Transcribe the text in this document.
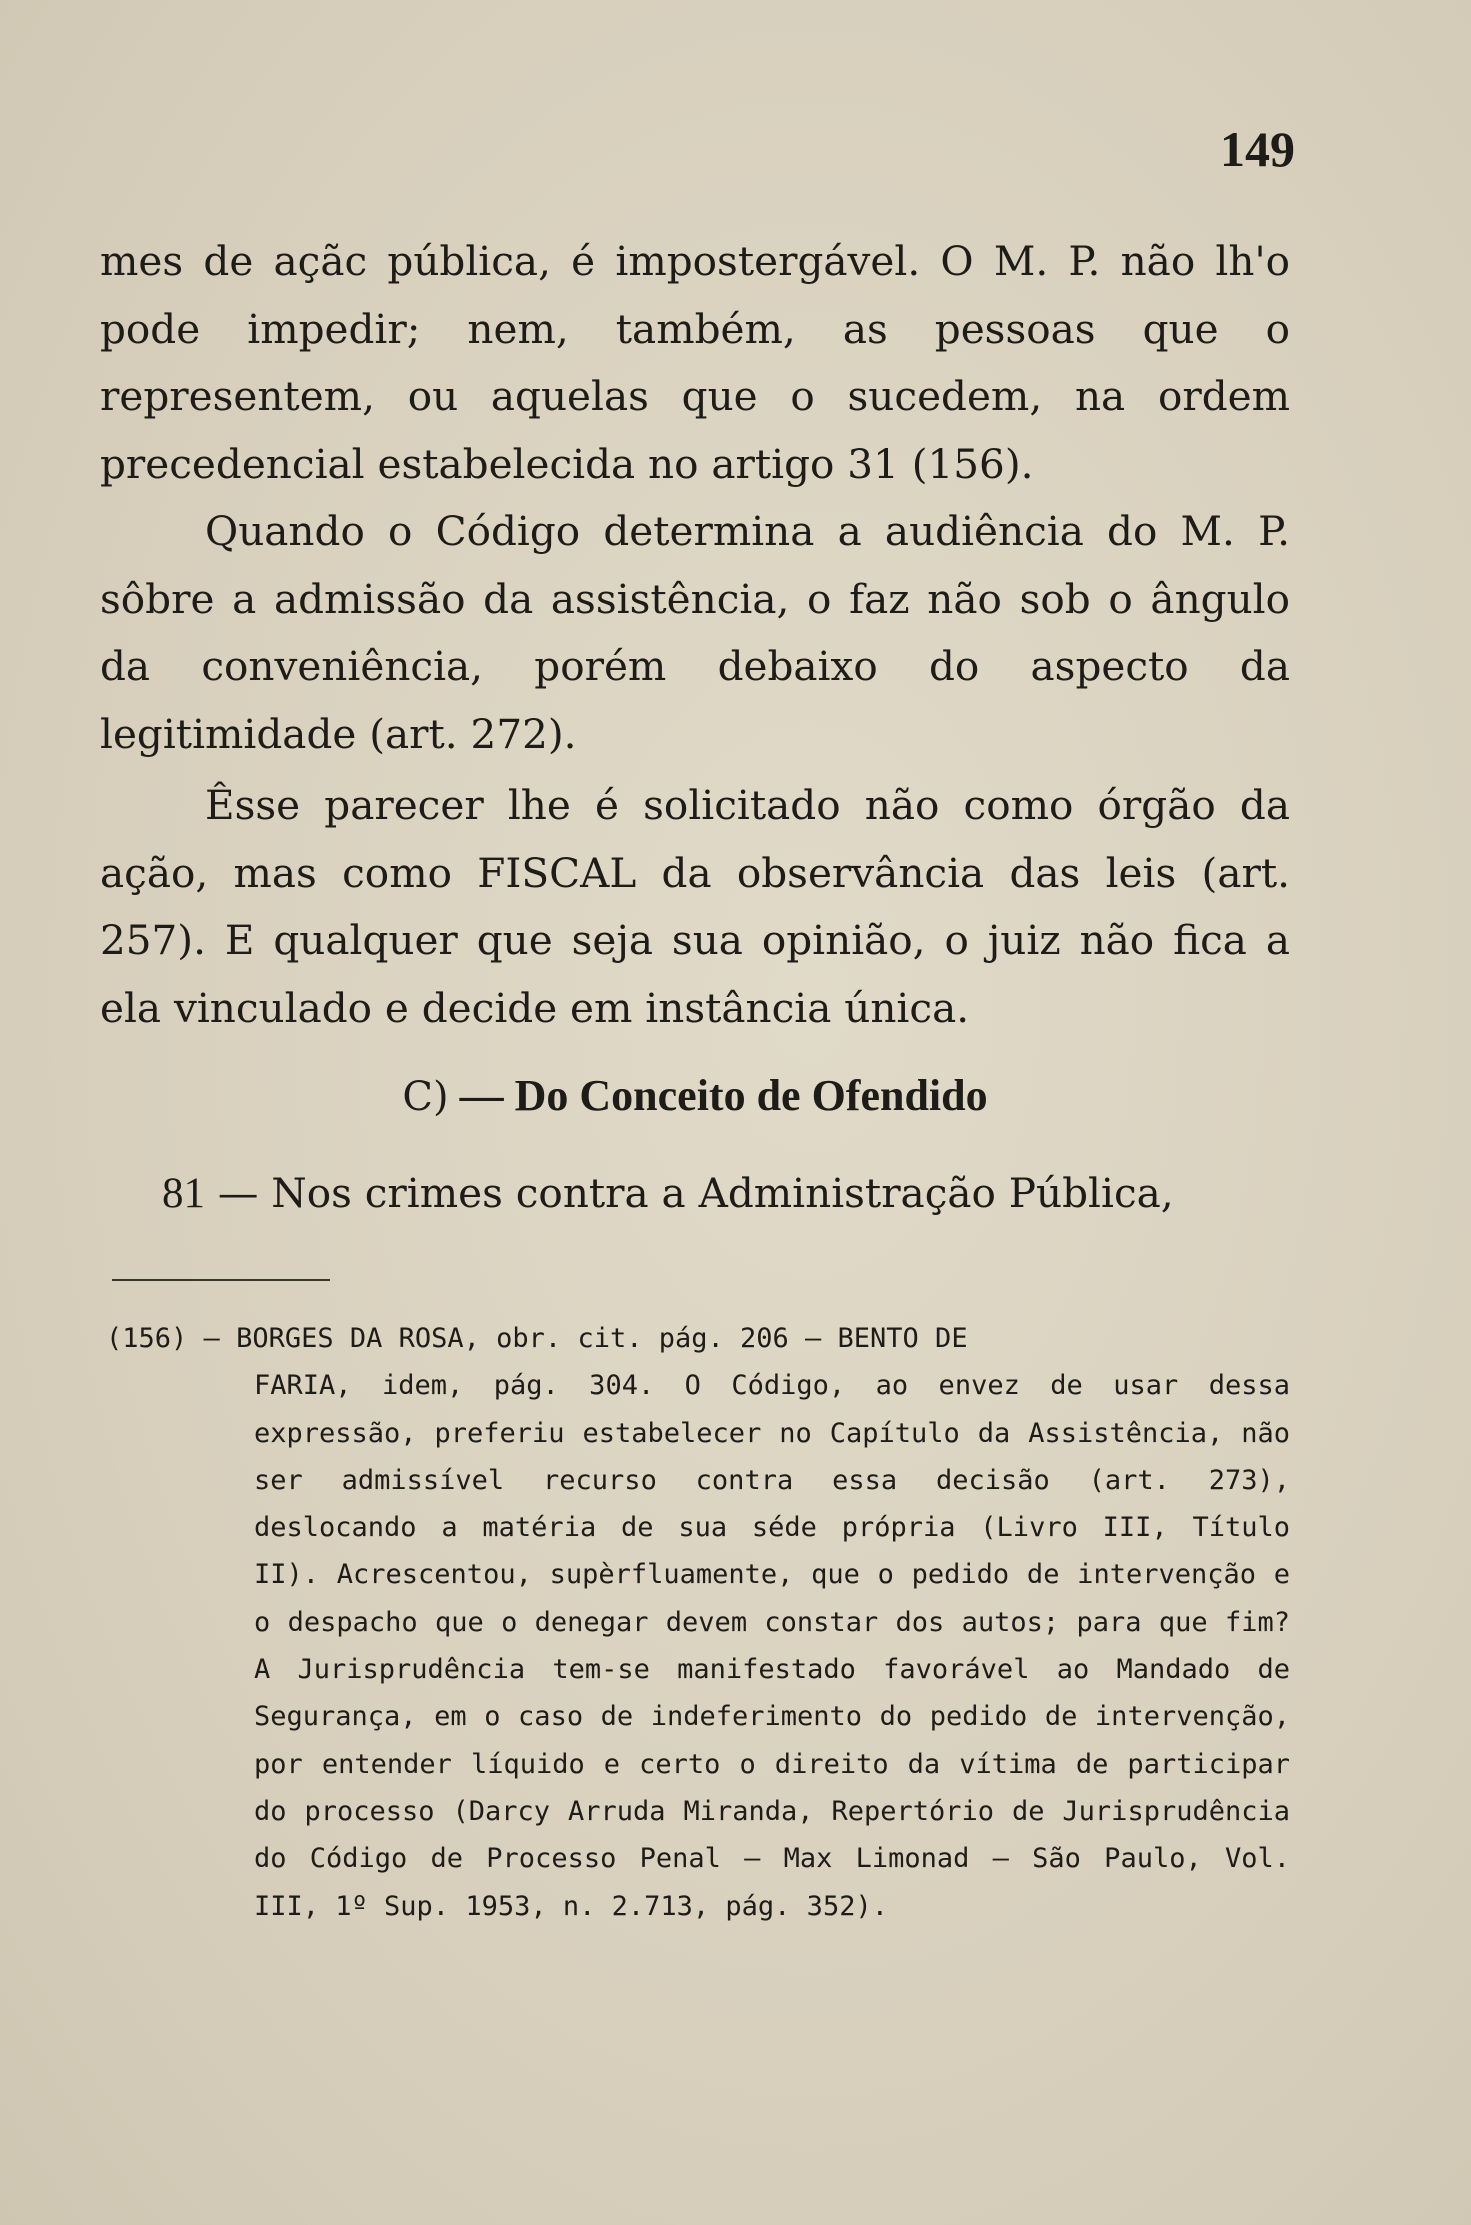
149

mes de açãc pública, é impostergável. O M. P. não lh'o pode impedir; nem, também, as pessoas que o representem, ou aquelas que o sucedem, na ordem precedencial estabelecida no artigo 31 (156).

Quando o Código determina a audiência do M. P. sôbre a admissão da assistência, o faz não sob o ângulo da conveniência, porém debaixo do aspecto da legitimidade (art. 272).

Êsse parecer lhe é solicitado não como órgão da ação, mas como FISCAL da observância das leis (art. 257). E qualquer que seja sua opinião, o juiz não fica a ela vinculado e decide em instância única.

C) — Do Conceito de Ofendido

81 — Nos crimes contra a Administração Pública,

(156) — BORGES DA ROSA, obr. cit. pág. 206 — BENTO DE
FARIA, idem, pág. 304. O Código, ao envez de usar dessa expressão, preferiu estabelecer no Capítulo da Assistência, não ser admissível recurso contra essa decisão (art. 273), deslocando a matéria de sua séde própria (Livro III, Título II). Acrescentou, supèrfluamente, que o pedido de intervenção e o despacho que o denegar devem constar dos autos; para que fim? A Jurisprudência tem-se manifestado favorável ao Mandado de Segurança, em o caso de indeferimento do pedido de intervenção, por entender líquido e certo o direito da vítima de participar do processo (Darcy Arruda Miranda, Repertório de Jurisprudência do Código de Processo Penal — Max Limonad — São Paulo, Vol. III, 1º Sup. 1953, n. 2.713, pág. 352).
